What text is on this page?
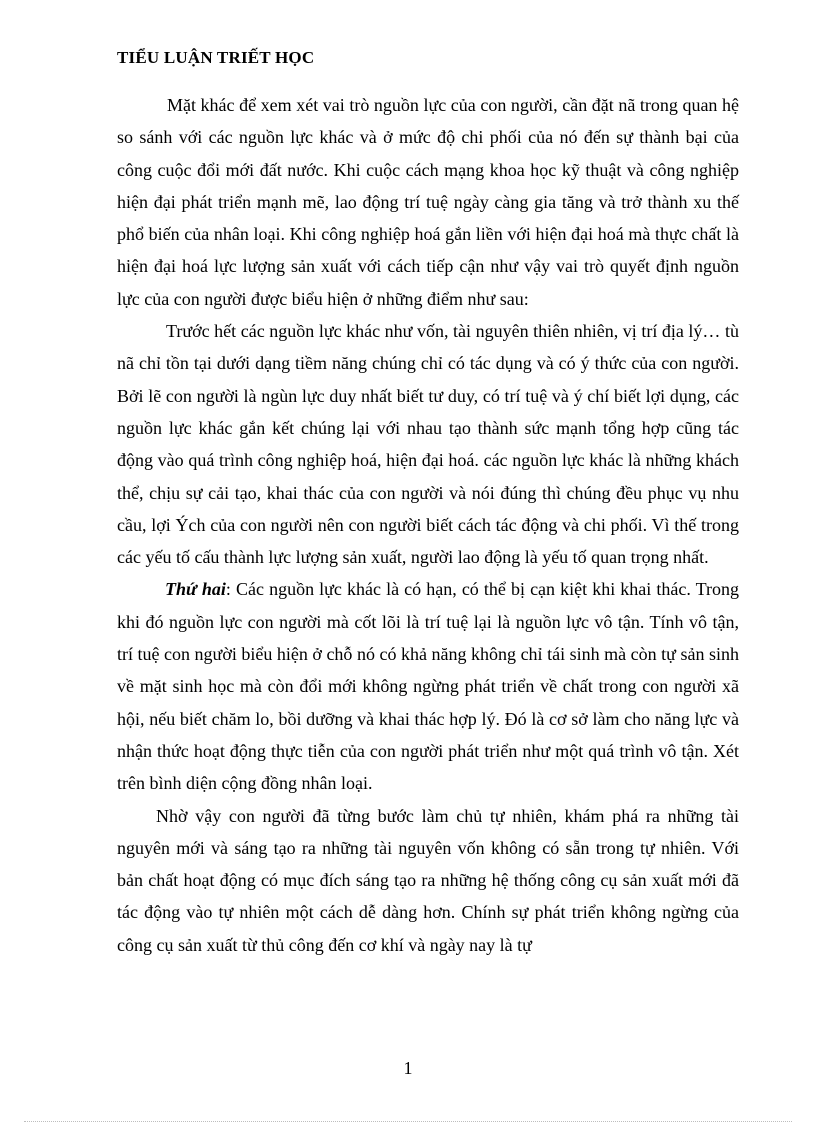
TIỂU LUẬN TRIẾT HỌC

Mặt khác để xem xét vai trò nguồn lực của con người, cần đặt nã trong quan hệ so sánh với các nguồn lực khác và ở mức độ chi phối của nó đến sự thành bại của công cuộc đổi mới đất nước. Khi cuộc cách mạng khoa học kỹ thuật và công nghiệp hiện đại phát triển mạnh mẽ, lao động trí tuệ ngày càng gia tăng và trở thành xu thế phổ biến của nhân loại. Khi công nghiệp hoá gắn liền với hiện đại hoá mà thực chất là hiện đại hoá lực lượng sản xuất với cách tiếp cận như vậy vai trò quyết định nguồn lực của con người được biểu hiện ở những điểm như sau:

Trước hết các nguồn lực khác như vốn, tài nguyên thiên nhiên, vị trí địa lý… tù nã chỉ tồn tại dưới dạng tiềm năng chúng chỉ có tác dụng và có ý thức của con người. Bởi lẽ con người là ngùn lực duy nhất biết tư duy, có trí tuệ và ý chí biết lợi dụng, các nguồn lực khác gắn kết chúng lại với nhau tạo thành sức mạnh tổng hợp cũng tác động vào quá trình công nghiệp hoá, hiện đại hoá. các nguồn lực khác là những khách thể, chịu sự cải tạo, khai thác của con người và nói đúng thì chúng đều phục vụ nhu cầu, lợi Ých của con người nên con người biết cách tác động và chi phối. Vì thế trong các yếu tố cấu thành lực lượng sản xuất, người lao động là yếu tố quan trọng nhất.

Thứ hai: Các nguồn lực khác là có hạn, có thể bị cạn kiệt khi khai thác. Trong khi đó nguồn lực con người mà cốt lõi là trí tuệ lại là nguồn lực vô tận. Tính vô tận, trí tuệ con người biểu hiện ở chỗ nó có khả năng không chỉ tái sinh mà còn tự sản sinh về mặt sinh học mà còn đổi mới không ngừng phát triển về chất trong con người xã hội, nếu biết chăm lo, bồi dưỡng và khai thác hợp lý. Đó là cơ sở làm cho năng lực và nhận thức hoạt động thực tiễn của con người phát triển như một quá trình vô tận. Xét trên bình diện cộng đồng nhân loại.

Nhờ vậy con người đã từng bước làm chủ tự nhiên, khám phá ra những tài nguyên mới và sáng tạo ra những tài nguyên vốn không có sẵn trong tự nhiên. Với bản chất hoạt động có mục đích sáng tạo ra những hệ thống công cụ sản xuất mới đã tác động vào tự nhiên một cách dễ dàng hơn. Chính sự phát triển không ngừng của công cụ sản xuất từ thủ công đến cơ khí và ngày nay là tự

1
